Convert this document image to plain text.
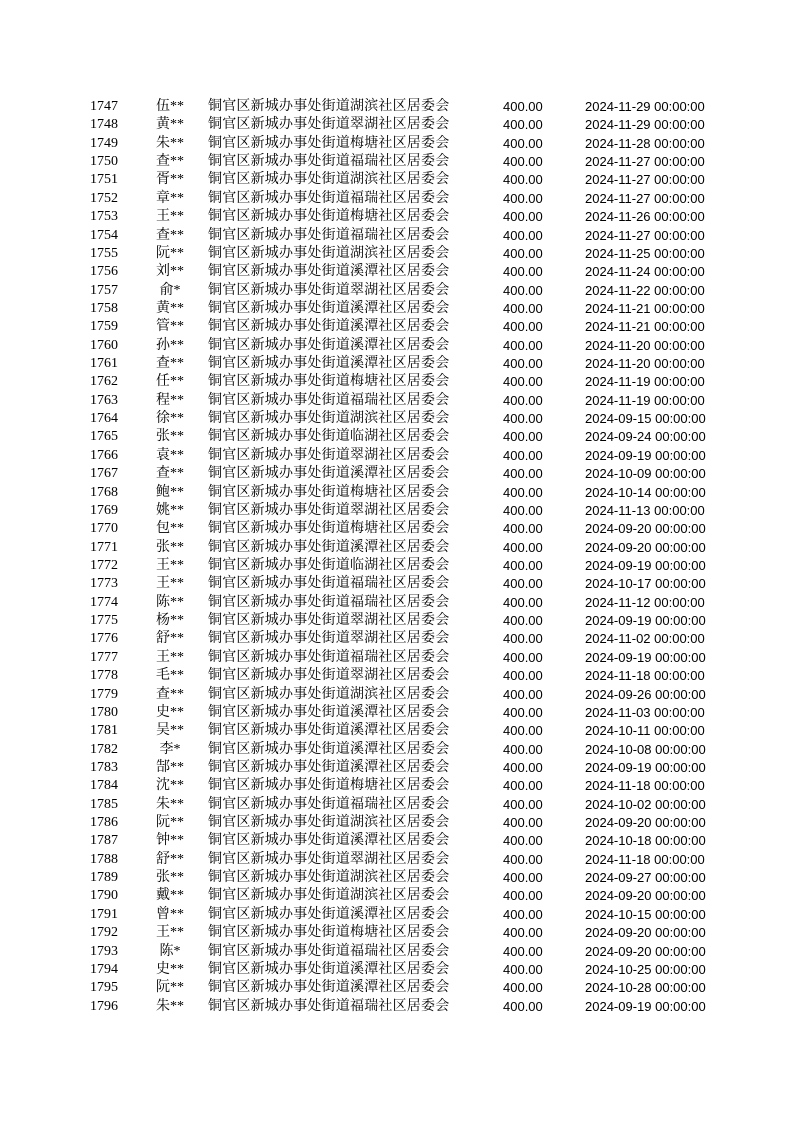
1747	伍**	铜官区新城办事处街道湖滨社区居委会	400.00	2024-11-29 00:00:00
1748	黄**	铜官区新城办事处街道翠湖社区居委会	400.00	2024-11-29 00:00:00
1749	朱**	铜官区新城办事处街道梅塘社区居委会	400.00	2024-11-28 00:00:00
1750	查**	铜官区新城办事处街道福瑞社区居委会	400.00	2024-11-27 00:00:00
1751	胥**	铜官区新城办事处街道湖滨社区居委会	400.00	2024-11-27 00:00:00
1752	章**	铜官区新城办事处街道福瑞社区居委会	400.00	2024-11-27 00:00:00
1753	王**	铜官区新城办事处街道梅塘社区居委会	400.00	2024-11-26 00:00:00
1754	查**	铜官区新城办事处街道福瑞社区居委会	400.00	2024-11-27 00:00:00
1755	阮**	铜官区新城办事处街道湖滨社区居委会	400.00	2024-11-25 00:00:00
1756	刘**	铜官区新城办事处街道溪潭社区居委会	400.00	2024-11-24 00:00:00
1757	俞*	铜官区新城办事处街道翠湖社区居委会	400.00	2024-11-22 00:00:00
1758	黄**	铜官区新城办事处街道溪潭社区居委会	400.00	2024-11-21 00:00:00
1759	管**	铜官区新城办事处街道溪潭社区居委会	400.00	2024-11-21 00:00:00
1760	孙**	铜官区新城办事处街道溪潭社区居委会	400.00	2024-11-20 00:00:00
1761	查**	铜官区新城办事处街道溪潭社区居委会	400.00	2024-11-20 00:00:00
1762	任**	铜官区新城办事处街道梅塘社区居委会	400.00	2024-11-19 00:00:00
1763	程**	铜官区新城办事处街道福瑞社区居委会	400.00	2024-11-19 00:00:00
1764	徐**	铜官区新城办事处街道湖滨社区居委会	400.00	2024-09-15 00:00:00
1765	张**	铜官区新城办事处街道临湖社区居委会	400.00	2024-09-24 00:00:00
1766	袁**	铜官区新城办事处街道翠湖社区居委会	400.00	2024-09-19 00:00:00
1767	查**	铜官区新城办事处街道溪潭社区居委会	400.00	2024-10-09 00:00:00
1768	鲍**	铜官区新城办事处街道梅塘社区居委会	400.00	2024-10-14 00:00:00
1769	姚**	铜官区新城办事处街道翠湖社区居委会	400.00	2024-11-13 00:00:00
1770	包**	铜官区新城办事处街道梅塘社区居委会	400.00	2024-09-20 00:00:00
1771	张**	铜官区新城办事处街道溪潭社区居委会	400.00	2024-09-20 00:00:00
1772	王**	铜官区新城办事处街道临湖社区居委会	400.00	2024-09-19 00:00:00
1773	王**	铜官区新城办事处街道福瑞社区居委会	400.00	2024-10-17 00:00:00
1774	陈**	铜官区新城办事处街道福瑞社区居委会	400.00	2024-11-12 00:00:00
1775	杨**	铜官区新城办事处街道翠湖社区居委会	400.00	2024-09-19 00:00:00
1776	舒**	铜官区新城办事处街道翠湖社区居委会	400.00	2024-11-02 00:00:00
1777	王**	铜官区新城办事处街道福瑞社区居委会	400.00	2024-09-19 00:00:00
1778	毛**	铜官区新城办事处街道翠湖社区居委会	400.00	2024-11-18 00:00:00
1779	查**	铜官区新城办事处街道湖滨社区居委会	400.00	2024-09-26 00:00:00
1780	史**	铜官区新城办事处街道溪潭社区居委会	400.00	2024-11-03 00:00:00
1781	吴**	铜官区新城办事处街道溪潭社区居委会	400.00	2024-10-11 00:00:00
1782	李*	铜官区新城办事处街道溪潭社区居委会	400.00	2024-10-08 00:00:00
1783	郜**	铜官区新城办事处街道溪潭社区居委会	400.00	2024-09-19 00:00:00
1784	沈**	铜官区新城办事处街道梅塘社区居委会	400.00	2024-11-18 00:00:00
1785	朱**	铜官区新城办事处街道福瑞社区居委会	400.00	2024-10-02 00:00:00
1786	阮**	铜官区新城办事处街道湖滨社区居委会	400.00	2024-09-20 00:00:00
1787	钟**	铜官区新城办事处街道溪潭社区居委会	400.00	2024-10-18 00:00:00
1788	舒**	铜官区新城办事处街道翠湖社区居委会	400.00	2024-11-18 00:00:00
1789	张**	铜官区新城办事处街道湖滨社区居委会	400.00	2024-09-27 00:00:00
1790	戴**	铜官区新城办事处街道湖滨社区居委会	400.00	2024-09-20 00:00:00
1791	曾**	铜官区新城办事处街道溪潭社区居委会	400.00	2024-10-15 00:00:00
1792	王**	铜官区新城办事处街道梅塘社区居委会	400.00	2024-09-20 00:00:00
1793	陈*	铜官区新城办事处街道福瑞社区居委会	400.00	2024-09-20 00:00:00
1794	史**	铜官区新城办事处街道溪潭社区居委会	400.00	2024-10-25 00:00:00
1795	阮**	铜官区新城办事处街道溪潭社区居委会	400.00	2024-10-28 00:00:00
1796	朱**	铜官区新城办事处街道福瑞社区居委会	400.00	2024-09-19 00:00:00
